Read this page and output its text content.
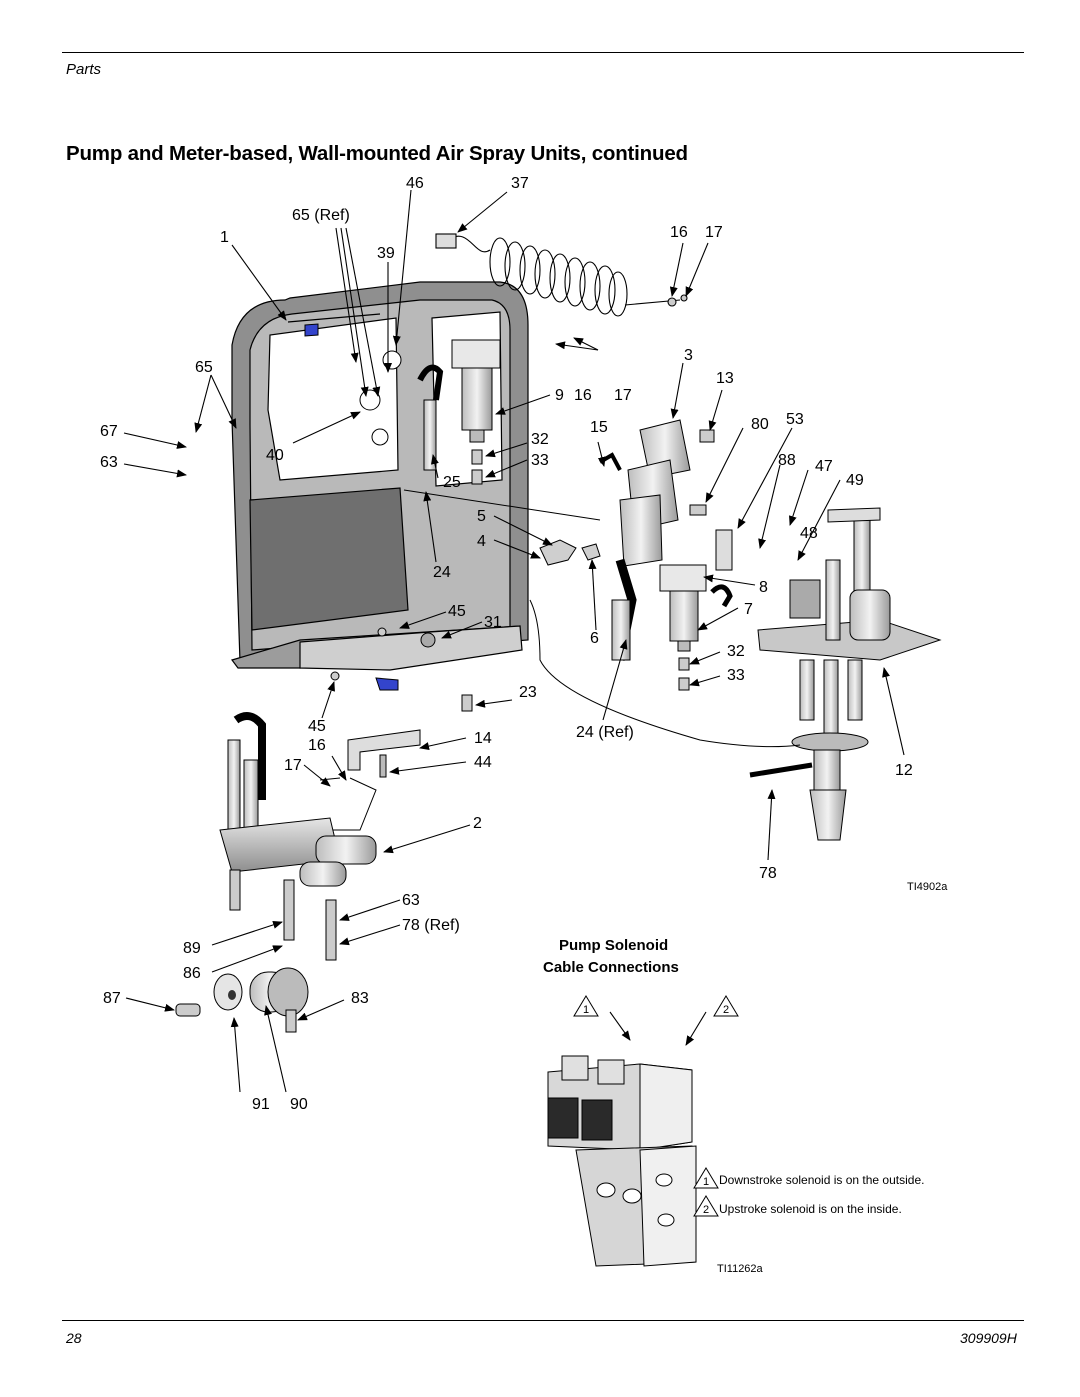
Parts
Pump and Meter-based, Wall-mounted Air Spray Units, continued
46	37
65 (Ref)
1
39
16 17
65
3
13
9 16 17
67	15	80 53
32
63	40	33	88 47
25	49
5
48
4
24
8
45	7
31
6
32
33
23
45
16	14	24 (Ref)
17	44	12
2
78
63
78 (Ref)
89
86
87	83
91 90
TI4902a
Pump Solenoid
Cable Connections
1	2
1 Downstroke solenoid is on the outside.
2 Upstroke solenoid is on the inside.
TI11262a
28	309909H
